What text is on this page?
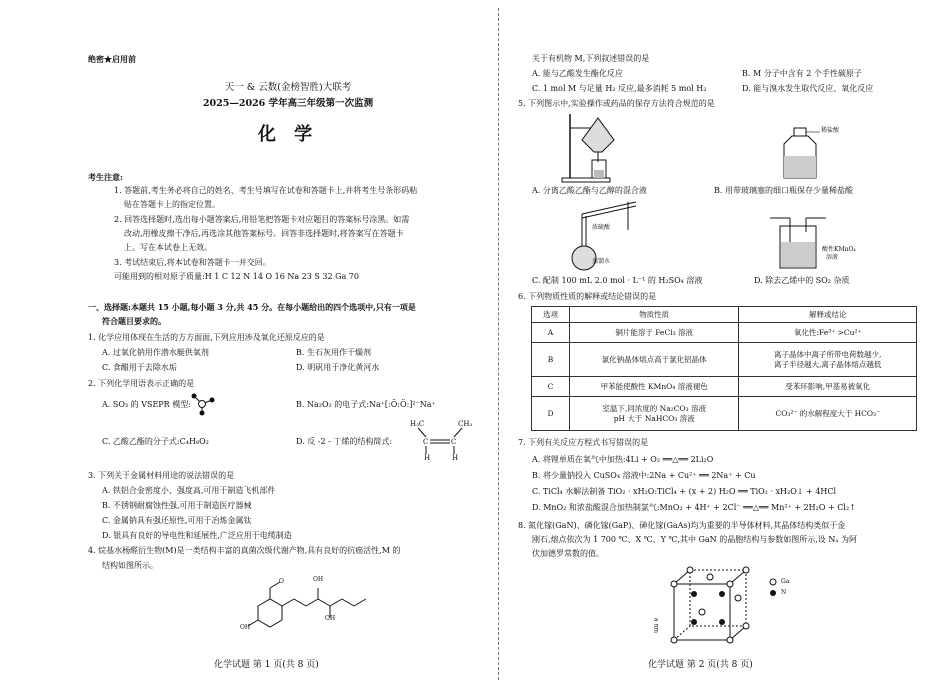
绝密★启用前
天一 & 云数(金榜智胜)大联考
2025—2026 学年高三年级第一次监测
化 学
考生注意:
1. 答题前,考生务必将自己的姓名、考生号填写在试卷和答题卡上,并将考生号条形码粘
贴在答题卡上的指定位置。
2. 回答选择题时,选出每小题答案后,用铅笔把答题卡对应题目的答案标号涂黑。如需
改动,用橡皮擦干净后,再选涂其他答案标号。回答非选择题时,将答案写在答题卡
上。写在本试卷上无效。
3. 考试结束后,将本试卷和答题卡一并交回。
可能用到的相对原子质量:H 1 C 12 N 14 O 16 Na 23 S 32 Ga 70
一、选择题:本题共 15 小题,每小题 3 分,共 45 分。在每小题给出的四个选项中,只有一项是
符合题目要求的。
1. 化学应用体现在生活的方方面面,下列应用涉及氧化还原反应的是
A. 过氧化钠用作潜水艇供氧剂	B. 生石灰用作干燥剂
C. 食醋用于去除水垢	D. 明矾用于净化黄河水
2. 下列化学用语表示正确的是
A. SO₃ 的 VSEPR 模型:	B. Na₂O₂ 的电子式:Na⁺[:Ö:Ö:]²⁻Na⁺
C. 乙酸乙酯的分子式:C₄H₈O₂	D. 反 -2 - 丁烯的结构简式:
H₃C	CH₃
C	C
H	H
3. 下列关于金属材料用途的说法错误的是
A. 铁铝合金密度小、强度高,可用于制造飞机部件
B. 不锈钢耐腐蚀性强,可用于制造医疗器械
C. 金属钠具有强还原性,可用于冶炼金属钛
D. 银具有良好的导电性和延展性,广泛应用于电缆制造
4. 烷基水杨醛衍生物(M)是一类结构丰富的真菌次级代谢产物,具有良好的抗癌活性,M 的
结构如图所示。
OH
OH
O
OH
化学试题 第 1 页(共 8 页)
关于有机物 M,下列叙述错误的是
A. 能与乙酸发生酯化反应	B. M 分子中含有 2 个手性碳原子
C. 1 mol M 与足量 H₂ 反应,最多消耗 5 mol H₂	D. 能与溴水发生取代反应、氧化反应
5. 下列图示中,实验操作或药品的保存方法符合规范的是
稀盐酸
A. 分离乙酸乙酯与乙醇的混合液	B. 用带玻璃塞的细口瓶保存少量稀盐酸
浓硫酸
蒸馏水
酸性KMnO₄
溶液
C. 配制 100 mL 2.0 mol · L⁻¹ 的 H₂SO₄ 溶液	D. 除去乙烯中的 SO₂ 杂质
6. 下列物质性质的解释或结论错误的是
选项	物质性质	解释或结论
A	铜片能溶于 FeCl₃ 溶液	氧化性:Fe³⁺ >Cu²⁺
B	氯化钠晶体熔点高于氯化铝晶体	离子晶体中离子所带电荷数越少,
离子半径越大,离子晶体熔点越低
C	甲苯能使酸性 KMnO₄ 溶液褪色	受苯环影响,甲基易被氧化
D	室温下,同浓度的 Na₂CO₃ 溶液
pH 大于 NaHCO₃ 溶液	CO₃²⁻ 的水解程度大于 HCO₃⁻
7. 下列有关反应方程式书写错误的是
A. 将锂单质在氧气中加热:4Li + O₂ ══△══ 2Li₂O
B. 将少量钠投入 CuSO₄ 溶液中:2Na + Cu²⁺ ══ 2Na⁺ + Cu
C. TiCl₄ 水解法制备 TiO₂ · xH₂O:TiCl₄ + (x + 2) H₂O ══ TiO₂ · xH₂O↓ + 4HCl
D. MnO₂ 和浓盐酸混合加热制氯气:MnO₂ + 4H⁺ + 2Cl⁻ ══△══ Mn²⁺ + 2H₂O + Cl₂↑
8. 氮化镓(GaN)、磷化镓(GaP)、砷化镓(GaAs)均为重要的半导体材料,其晶体结构类似于金
刚石,熔点依次为 1 700 ℃、X ℃、Y ℃,其中 GaN 的晶胞结构与参数如图所示,设 Nₐ 为阿
伏加德罗常数的值。
a nm
Ga
N
化学试题 第 2 页(共 8 页)
